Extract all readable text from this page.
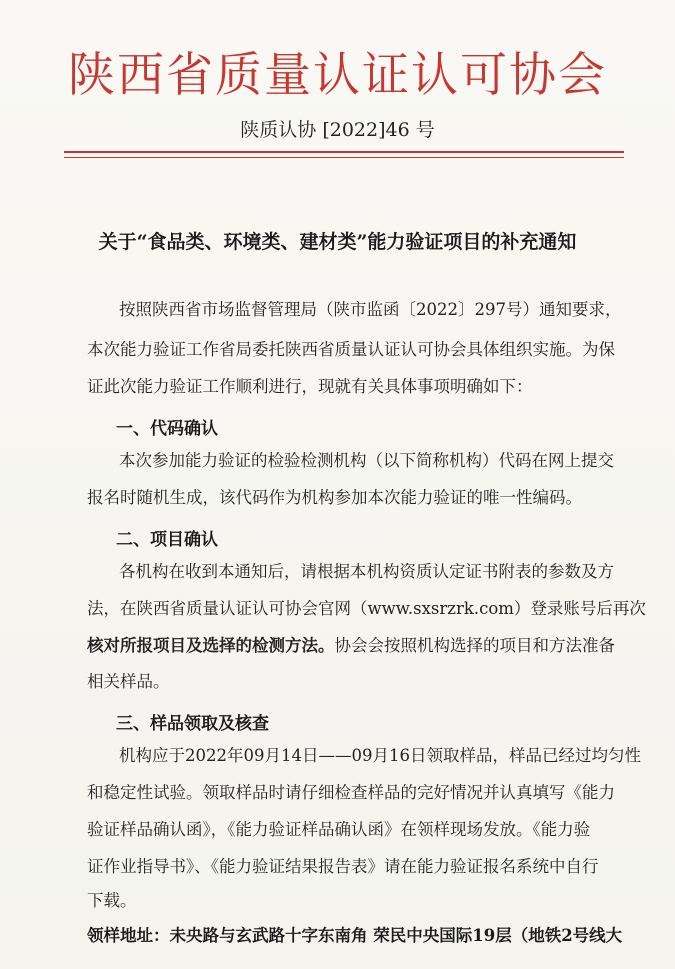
陕西省质量认证认可协会
陕质认协 [2022]46 号
关于“食品类、环境类、建材类”能力验证项目的补充通知
按照陕西省市场监督管理局（陕市监函〔2022〕297号）通知要求，
本次能力验证工作省局委托陕西省质量认证认可协会具体组织实施。为保
证此次能力验证工作顺利进行，现就有关具体事项明确如下：
一、代码确认
本次参加能力验证的检验检测机构（以下简称机构）代码在网上提交
报名时随机生成，该代码作为机构参加本次能力验证的唯一性编码。
二、项目确认
各机构在收到本通知后，请根据本机构资质认定证书附表的参数及方
法，在陕西省质量认证认可协会官网（www.sxsrzrk.com）登录账号后再次
核对所报项目及选择的检测方法。协会会按照机构选择的项目和方法准备
相关样品。
三、样品领取及核查
机构应于2022年09月14日——09月16日领取样品，样品已经过均匀性
和稳定性试验。领取样品时请仔细检查样品的完好情况并认真填写《能力
验证样品确认函》，《能力验证样品确认函》在领样现场发放。《能力验
证作业指导书》、《能力验证结果报告表》请在能力验证报名系统中自行
下载。
领样地址：未央路与玄武路十字东南角 荣民中央国际19层（地铁2号线大
